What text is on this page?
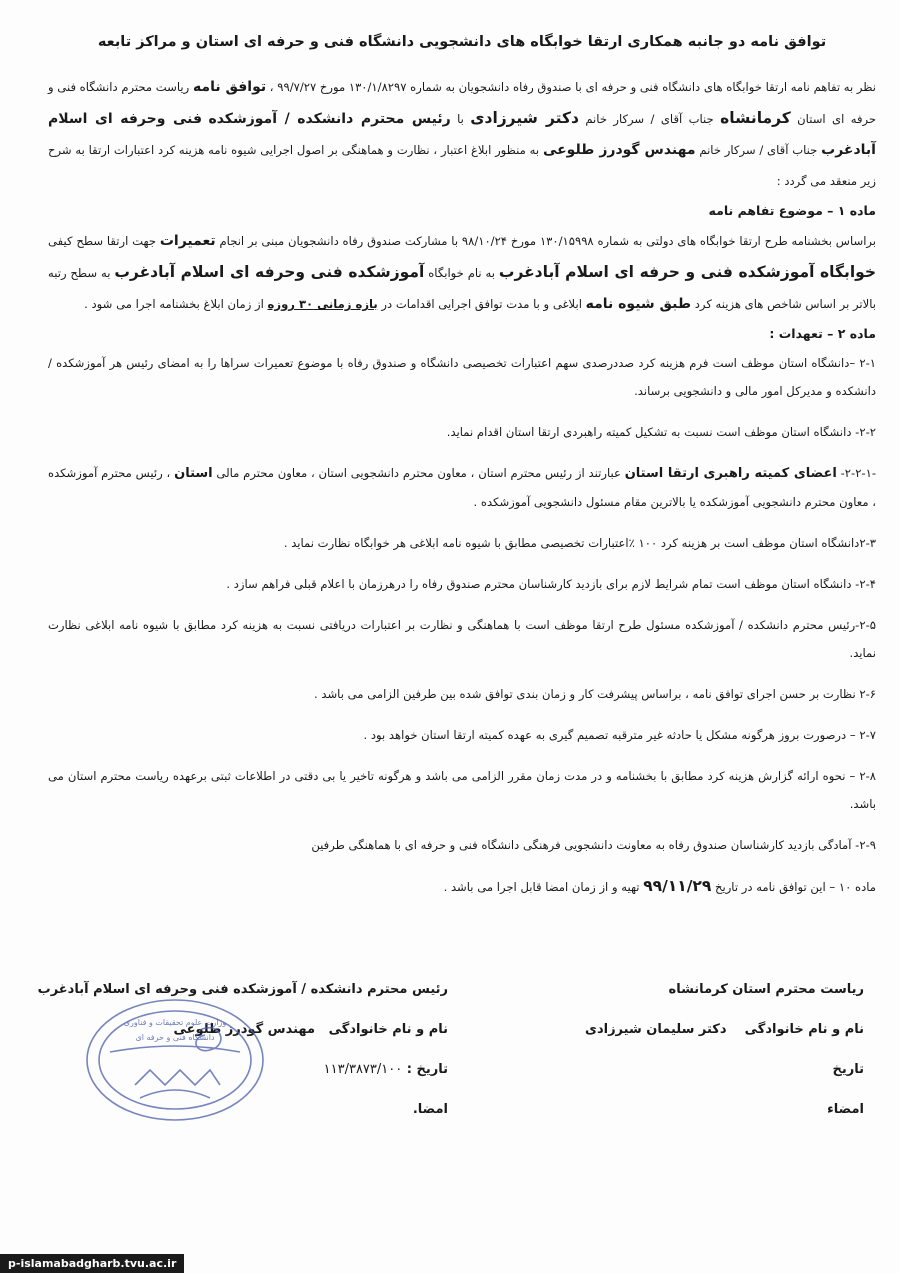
توافق نامه دو جانبه همکاری ارتقا خوابگاه های دانشجویی دانشگاه فنی و حرفه ای استان و مراکز تابعه
نظر به تفاهم نامه ارتقا خوابگاه های دانشگاه فنی و حرفه ای با صندوق رفاه دانشجویان به شماره ۱۳۰/۱/۸۲۹۷ مورخ ۹۹/۷/۲۷ ، توافق نامه ریاست محترم دانشگاه فنی و حرفه ای استان کرمانشاه جناب آقای / سرکار خانم دکتر شیرزادی با رئیس محترم دانشکده / آموزشکده فنی وحرفه ای اسلام آبادغرب جناب آقای / سرکار خانم مهندس گودرز طلوعی به منظور ابلاغ اعتبار ، نظارت و هماهنگی بر اصول اجرایی شیوه نامه هزینه کرد اعتبارات ارتقا به شرح زیر منعقد می گردد :
ماده ۱ – موضوع تفاهم نامه
براساس بخشنامه طرح ارتقا خوابگاه های دولتی به شماره ۱۳۰/۱۵۹۹۸ مورخ ۹۸/۱۰/۲۴ با مشارکت صندوق رفاه دانشجویان مبنی بر انجام تعمیرات جهت ارتقا سطح کیفی خوابگاه آموزشکده فنی و حرفه ای اسلام آبادغرب به نام خوابگاه آموزشکده فنی وحرفه ای اسلام آبادغرب به سطح رتبه بالاتر بر اساس شاخص های هزینه کرد طبق شیوه نامه ابلاغی و با مدت توافق اجرایی اقدامات در بازه زمانی ۳۰ روزه از زمان ابلاغ بخشنامه اجرا می شود .
ماده ۲ – تعهدات :
۲-۱ –دانشگاه استان موظف است فرم هزینه کرد صددرصدی سهم اعتبارات تخصیصی دانشگاه و صندوق رفاه با موضوع تعمیرات سراها را به امضای رئیس هر آموزشکده / دانشکده و مدیرکل امور مالی و دانشجویی برساند.
۲-۲- دانشگاه استان موظف است نسبت به تشکیل کمیته راهبردی ارتقا استان اقدام نماید.
-۲-۲-۱- اعضای کمیته راهبری ارتقا استان عبارتند از رئیس محترم استان ، معاون محترم دانشجویی استان ، معاون محترم مالی استان ، رئیس محترم آموزشکده ، معاون محترم دانشجویی آموزشکده یا بالاترین مقام مسئول دانشجویی آموزشکده .
۲-۳دانشگاه استان موظف است بر هزینه کرد ۱۰۰ ٪اعتبارات تخصیصی مطابق با شیوه نامه ابلاغی هر خوابگاه نظارت نماید .
۲-۴- دانشگاه استان موظف است تمام شرایط لازم برای بازدید کارشناسان محترم صندوق رفاه را درهرزمان با اعلام قبلی فراهم سازد .
۲-۵-رئیس محترم دانشکده / آموزشکده مسئول طرح ارتقا موظف است با هماهنگی و نظارت بر اعتبارات دریافتی نسبت به هزینه کرد مطابق با شیوه نامه ابلاغی نظارت نماید.
۲-۶ نظارت بر حسن اجرای توافق نامه ، براساس پیشرفت کار و زمان بندی توافق شده بین طرفین الزامی می باشد .
۲-۷ – درصورت بروز هرگونه مشکل یا حادثه غیر مترقبه تصمیم گیری به عهده کمیته ارتقا استان خواهد بود .
۲-۸ – نحوه ارائه گزارش هزینه کرد مطابق با بخشنامه و در مدت زمان مقرر الزامی می باشد و هرگونه تاخیر یا بی دقتی در اطلاعات ثبتی برعهده ریاست محترم استان می باشد.
۲-۹- آمادگی بازدید کارشناسان صندوق رفاه به معاونت دانشجویی فرهنگی دانشگاه فنی و حرفه ای با هماهنگی طرفین
ماده ۱۰ – این توافق نامه در تاریخ ۹۹/۱۱/۲۹ تهیه و از زمان امضا قابل اجرا می باشد .
ریاست محترم استان کرمانشاه
نام و نام خانوادگی    دکتر سلیمان شیرزادی
تاریخ
امضاء
رئیس محترم دانشکده / آموزشکده فنی وحرفه ای اسلام آبادغرب
نام و نام خانوادگی   مهندس گودرز طلوعی
تاریخ : ۱۱۳/۳۸۷۳/۱۰۰
امضا.
وزارت علوم تحقیقات و فناوری
دانشگاه فنی و حرفه ای
p-islamabadgharb.tvu.ac.ir
